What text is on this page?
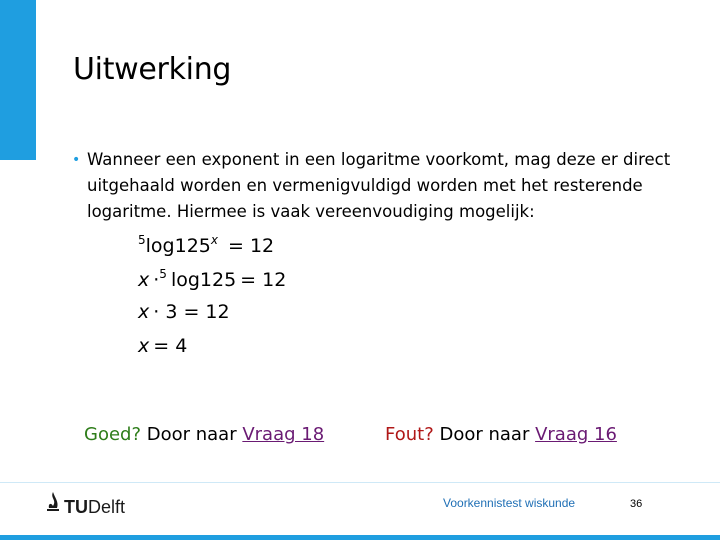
Uitwerking
• Wanneer een exponent in een logaritme voorkomt, mag deze er direct uitgehaald worden en vermenigvuldigd worden met het resterende logaritme. Hiermee is vaak vereenvoudiging mogelijk:
$^5\log 125^x = 12$
x ·$^5$ log125 = 12
x · 3 = 12
x = 4
Goed? Door naar Vraag 18	Fout? Door naar Vraag 16
TU Delft	Voorkennistest wiskunde	36
